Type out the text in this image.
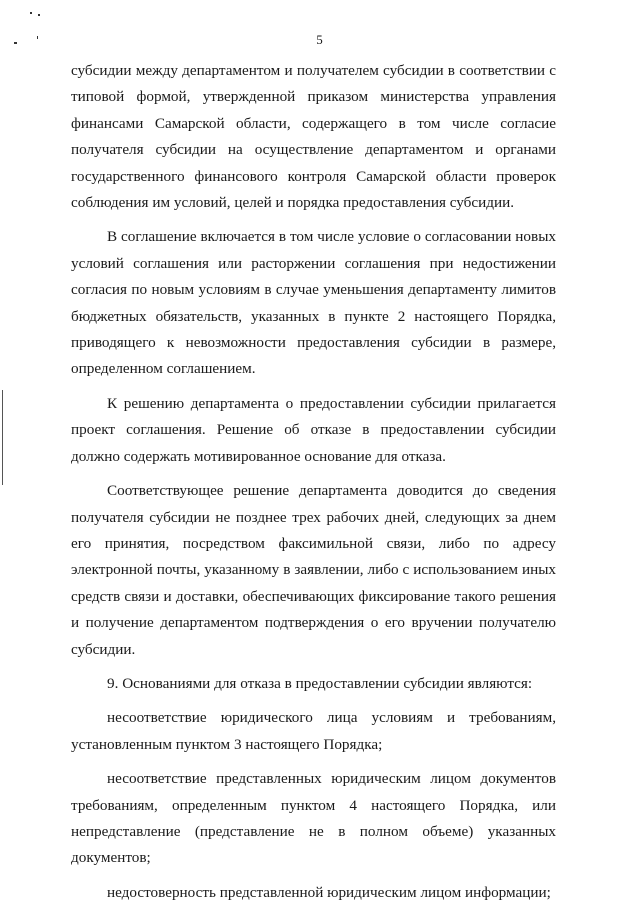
5

субсидии между департаментом и получателем субсидии в соответствии с типовой формой, утвержденной приказом министерства управления финансами Самарской области, содержащего в том числе согласие получателя субсидии на осуществление департаментом и органами государственного финансового контроля Самарской области проверок соблюдения им условий, целей и порядка предоставления субсидии.

В соглашение включается в том числе условие о согласовании новых условий соглашения или расторжении соглашения при недостижении согласия по новым условиям в случае уменьшения департаменту лимитов бюджетных обязательств, указанных в пункте 2 настоящего Порядка, приводящего к невозможности предоставления субсидии в размере, определенном соглашением.

К решению департамента о предоставлении субсидии прилагается проект соглашения. Решение об отказе в предоставлении субсидии должно содержать мотивированное основание для отказа.

Соответствующее решение департамента доводится до сведения получателя субсидии не позднее трех рабочих дней, следующих за днем его принятия, посредством факсимильной связи, либо по адресу электронной почты, указанному в заявлении, либо с использованием иных средств связи и доставки, обеспечивающих фиксирование такого решения и получение департаментом подтверждения о его вручении получателю субсидии.

9. Основаниями для отказа в предоставлении субсидии являются:

несоответствие юридического лица условиям и требованиям, установленным пунктом 3 настоящего Порядка;

несоответствие представленных юридическим лицом документов требованиям, определенным пунктом 4 настоящего Порядка, или непредставление (представление не в полном объеме) указанных документов;

недостоверность представленной юридическим лицом информации;
